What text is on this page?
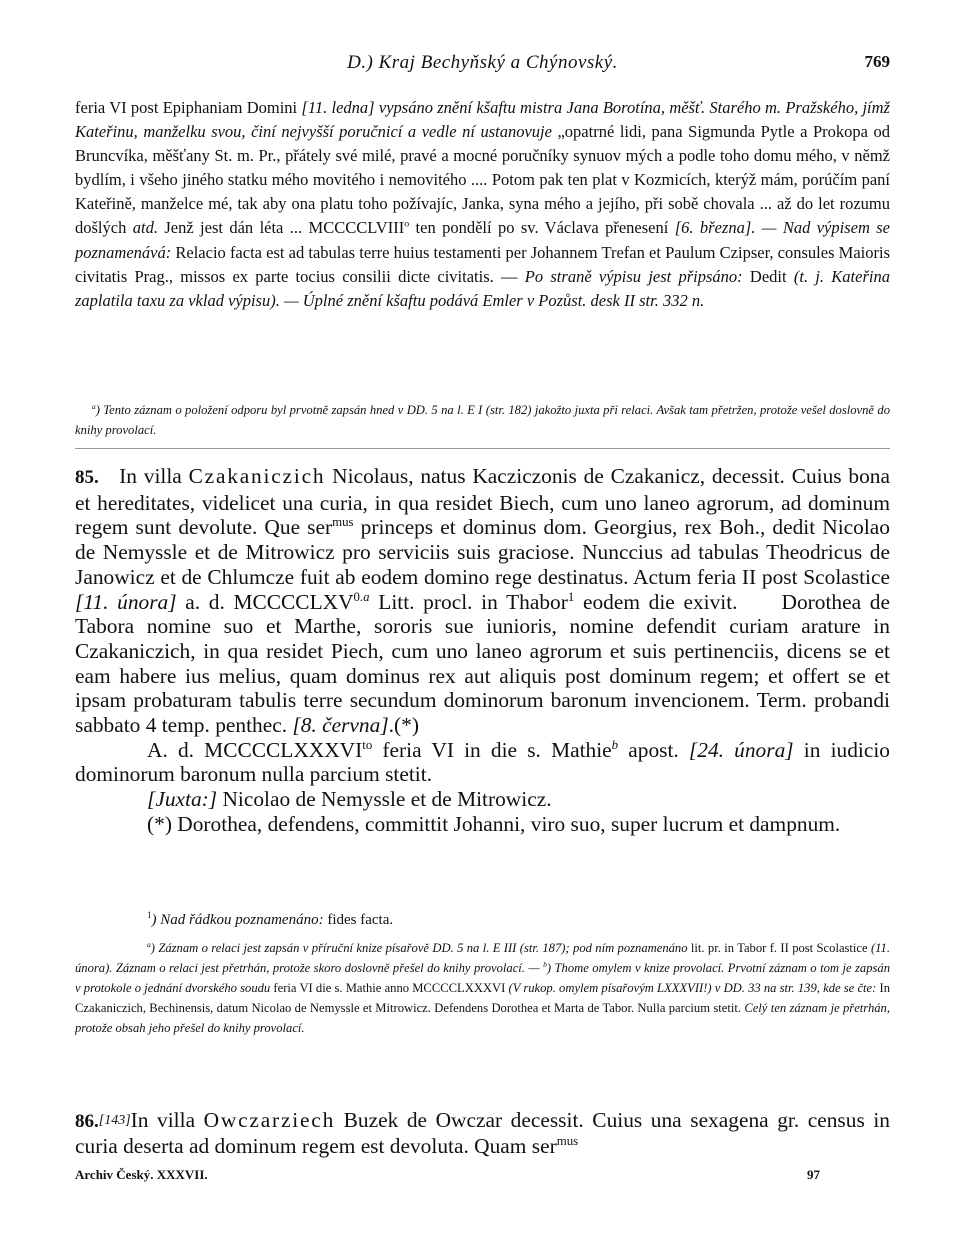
D.) Kraj Bechyňský a Chýnovský.	769
feria VI post Epiphaniam Domini [11. ledna] vypsáno znění kšaftu mistra Jana Borotína, měšť. Starého m. Pražského, jímž Kateřinu, manželku svou, činí nejvyšší poručnicí a vedle ní ustanovuje „opatrné lidi, pana Sigmunda Pytle a Prokopa od Bruncvíka, měšťany St. m. Pr., přátely své milé, pravé a mocné poručníky synuov mých a podle toho domu mého, v němž bydlím, i všeho jiného statku mého movitého i nemovitého .... Potom pak ten plat v Kozmicích, kterýž mám, porúčím paní Kateřině, manželce mé, tak aby ona platu toho požívajíc, Janka, syna mého a jejího, při sobě chovala ... až do let rozumu došlých atd. Jenž jest dán léta ... MCCCCLVIII$^o$ ten pondělí po sv. Václava přenesení [6. března]. — Nad výpisem se poznamenává: Relacio facta est ad tabulas terre huius testamenti per Johannem Trefan et Paulum Czipser, consules Maioris civitatis Prag., missos ex parte tocius consilii dicte civitatis. — Po straně výpisu jest připsáno: Dedit (t. j. Kateřina zaplatila taxu za vklad výpisu). — Úplné znění kšaftu podává Emler v Pozůst. desk II str. 332 n.
$^a$) Tento záznam o položení odporu byl prvotně zapsán hned v DD. 5 na l. E I (str. 182) jakožto juxta při relaci. Avšak tam přetržen, protože vešel doslovně do knihy provolací.

85.   In villa Czakaniczich Nicolaus, natus Kacziczonis de Czakanicz, decessit. Cuius bona et hereditates, videlicet una curia, in qua residet Biech, cum uno laneo agrorum, ad dominum regem sunt devolute. Que ser$^{mus}$ princeps et dominus dom. Georgius, rex Boh., dedit Nicolao de Nemyssle et de Mitrowicz pro serviciis suis graciose. Nunccius ad tabulas Theodricus de Janowicz et de Chlumcze fuit ab eodem domino rege destinatus. Actum feria II post Scolastice [11. února] a. d. $MCCCCLXV^{0.a}$ Litt. procl. in Thabor$^1$ eodem die exivit. Dorothea de Tabora nomine suo et Marthe, sororis sue iunioris, nomine defendit curiam arature in Czakaniczich, in qua residet Piech, cum uno laneo agrorum et suis pertinenciis, dicens se et eam habere ius melius, quam dominus rex aut aliquis post dominum regem; et offert se et ipsam probaturam tabulis terre secundum dominorum baronum invencionem. Term. probandi sabbato 4 temp. penthec. [8. června].(*)

A. d. $MCCCCLXXXVI^{to}$ feria VI in die s. Mathie$^b$ apost. [24. února] in iudicio dominorum baronum nulla parcium stetit.

[Juxta:] Nicolao de Nemyssle et de Mitrowicz.

(*) Dorothea, defendens, committit Johanni, viro suo, super lucrum et dampnum.

$^1$) Nad řádkou poznamenáno: fides facta.
$^a$) Záznam o relaci jest zapsán v příruční knize písařově DD. 5 na l. E III (str. 187); pod ním poznamenáno lit. pr. in Tabor f. II post Scolastice (11. února). Záznam o relaci jest přetrhán, protože skoro doslovně přešel do knihy provolací. — $^b$) Thome omylem v knize provolací. Prvotní záznam o tom je zapsán v protokole o jednání dvorského soudu feria VI die s. Mathie anno MCCCCLXXXVI (V rukop. omylem písařovým LXXXVII!) v DD. 33 na str. 139, kde se čte: In Czakaniczich, Bechinensis, datum Nicolao de Nemyssle et Mitrowicz. Defendens Dorothea et Marta de Tabor. Nulla parcium stetit. Celý ten záznam je přetrhán, protože obsah jeho přešel do knihy provolací.
86.[143]In villa Owczarziech Buzek de Owczar decessit. Cuius una sexagena gr. census in curia deserta ad dominum regem est devoluta. Quam ser$^{mus}$
Archiv Český. XXXVII.	97
